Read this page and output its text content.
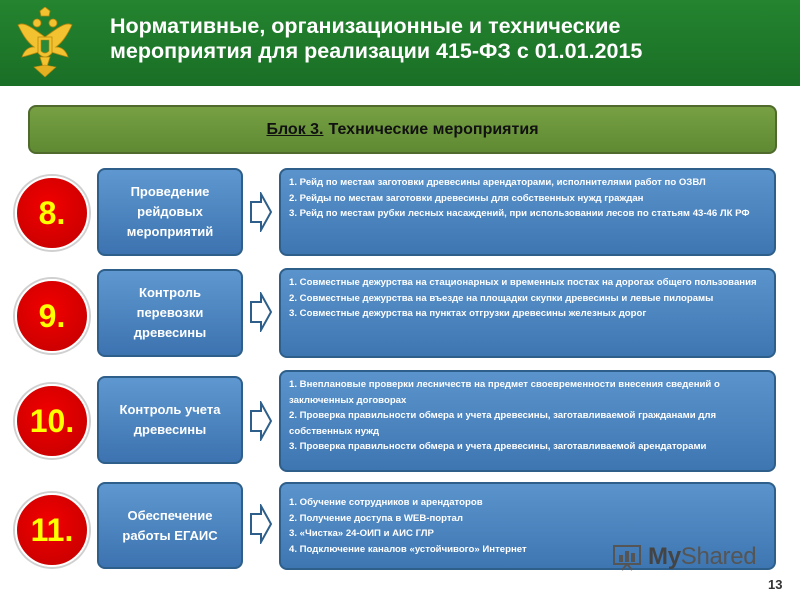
Нормативные, организационные и технические
мероприятия для реализации 415-ФЗ с 01.01.2015
Блок 3. Технические мероприятия
8.
Проведение рейдовых мероприятий
1. Рейд по местам заготовки древесины арендаторами, исполнителями работ по ОЗВЛ
2. Рейды по местам заготовки древесины для собственных нужд граждан
3. Рейд по местам рубки лесных насаждений, при использовании лесов по статьям 43-46 ЛК РФ
9.
Контроль перевозки древесины
1. Совместные дежурства на стационарных и временных постах на дорогах общего пользования
2. Совместные дежурства на въезде на площадки скупки древесины и левые пилорамы
3. Совместные дежурства на пунктах отгрузки древесины железных дорог
10.	Контроль учета древесины
1. Внеплановые проверки лесничеств на предмет своевременности внесения сведений о заключенных договорах
2. Проверка правильности обмера и учета древесины, заготавливаемой гражданами для собственных нужд
3. Проверка правильности обмера и учета древесины, заготавливаемой арендаторами
11.	Обеспечение работы ЕГАИС
1. Обучение сотрудников и арендаторов
2. Получение доступа в WEB-портал
3. «Чистка» 24-ОИП и АИС ГЛР
4. Подключение каналов «устойчивого» Интернет	MyShared
13
